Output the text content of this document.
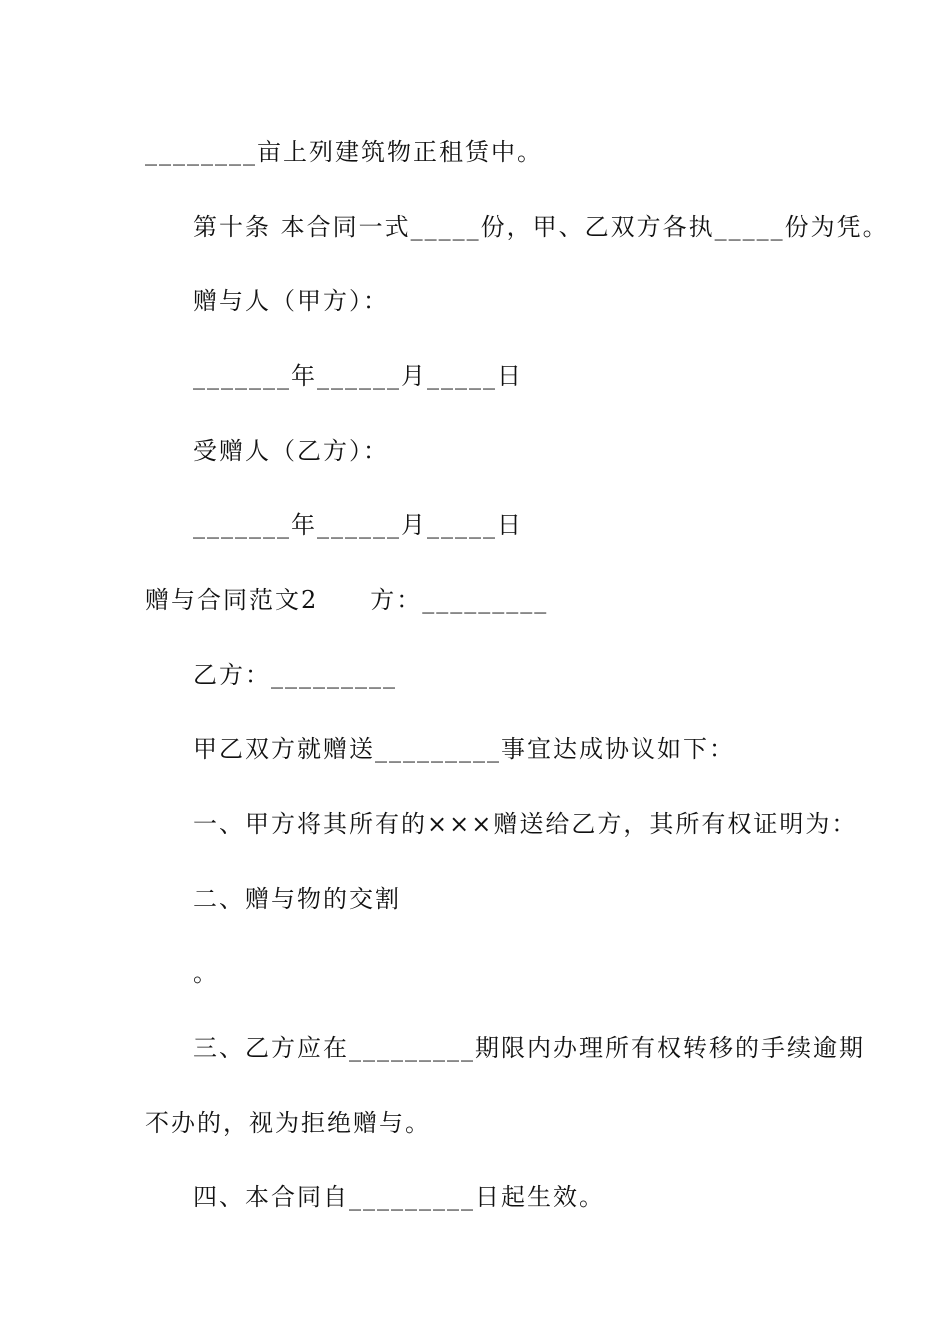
________亩上列建筑物正租赁中。
第十条 本合同一式_____份，甲、乙双方各执_____份为凭。
赠与人（甲方）：
_______年______月_____日
受赠人（乙方）：
_______年______月_____日
赠与合同范文2　　方：_________
乙方：_________
甲乙双方就赠送_________事宜达成协议如下：
一、甲方将其所有的×××赠送给乙方，其所有权证明为：
二、赠与物的交割
。
三、乙方应在_________期限内办理所有权转移的手续逾期
不办的，视为拒绝赠与。
四、本合同自_________日起生效。
